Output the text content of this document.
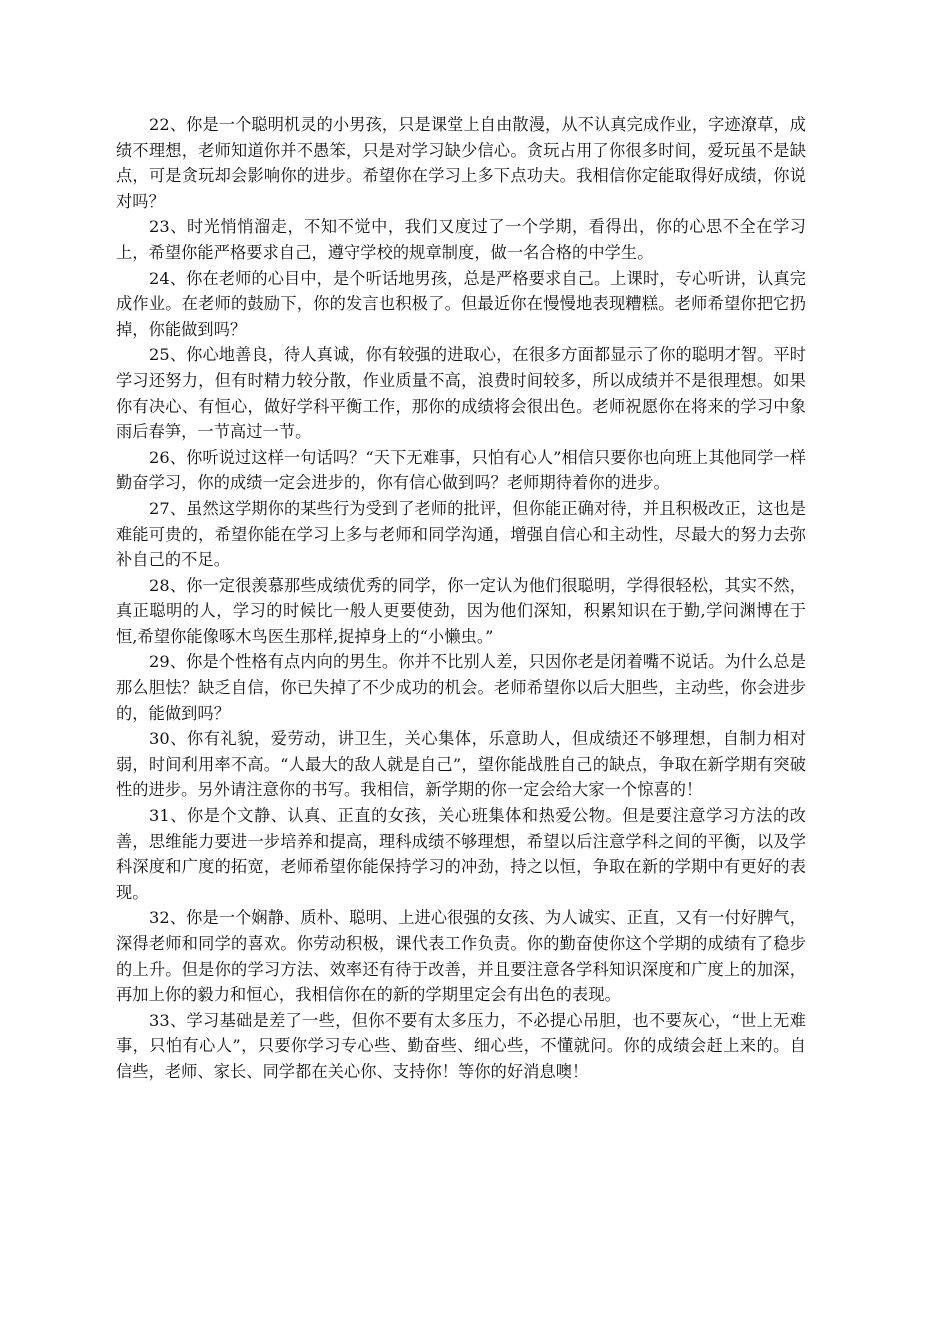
22、你是一个聪明机灵的小男孩，只是课堂上自由散漫，从不认真完成作业，字迹潦草，成绩不理想，老师知道你并不愚笨，只是对学习缺少信心。贪玩占用了你很多时间，爱玩虽不是缺点，可是贪玩却会影响你的进步。希望你在学习上多下点功夫。我相信你定能取得好成绩，你说对吗？

23、时光悄悄溜走，不知不觉中，我们又度过了一个学期，看得出，你的心思不全在学习上，希望你能严格要求自己，遵守学校的规章制度，做一名合格的中学生。

24、你在老师的心目中，是个听话地男孩，总是严格要求自己。上课时，专心听讲，认真完成作业。在老师的鼓励下，你的发言也积极了。但最近你在慢慢地表现糟糕。老师希望你把它扔掉，你能做到吗？

25、你心地善良，待人真诚，你有较强的进取心，在很多方面都显示了你的聪明才智。平时学习还努力，但有时精力较分散，作业质量不高，浪费时间较多，所以成绩并不是很理想。如果你有决心、有恒心，做好学科平衡工作，那你的成绩将会很出色。老师祝愿你在将来的学习中象雨后春笋，一节高过一节。

26、你听说过这样一句话吗？“天下无难事，只怕有心人”相信只要你也向班上其他同学一样勤奋学习，你的成绩一定会进步的，你有信心做到吗？老师期待着你的进步。

27、虽然这学期你的某些行为受到了老师的批评，但你能正确对待，并且积极改正，这也是难能可贵的，希望你能在学习上多与老师和同学沟通，增强自信心和主动性，尽最大的努力去弥补自己的不足。

28、你一定很羡慕那些成绩优秀的同学，你一定认为他们很聪明，学得很轻松，其实不然，真正聪明的人，学习的时候比一般人更要使劲，因为他们深知，积累知识在于勤,学问渊博在于恒,希望你能像啄木鸟医生那样,捉掉身上的“小懒虫。”

29、你是个性格有点内向的男生。你并不比别人差，只因你老是闭着嘴不说话。为什么总是那么胆怯？缺乏自信，你已失掉了不少成功的机会。老师希望你以后大胆些，主动些，你会进步的，能做到吗？

30、你有礼貌，爱劳动，讲卫生，关心集体，乐意助人，但成绩还不够理想，自制力相对弱，时间利用率不高。“人最大的敌人就是自己”，望你能战胜自己的缺点，争取在新学期有突破性的进步。另外请注意你的书写。我相信，新学期的你一定会给大家一个惊喜的！

31、你是个文静、认真、正直的女孩，关心班集体和热爱公物。但是要注意学习方法的改善，思维能力要进一步培养和提高，理科成绩不够理想，希望以后注意学科之间的平衡，以及学科深度和广度的拓宽，老师希望你能保持学习的冲劲，持之以恒，争取在新的学期中有更好的表现。

32、你是一个娴静、质朴、聪明、上进心很强的女孩、为人诚实、正直，又有一付好脾气，深得老师和同学的喜欢。你劳动积极，课代表工作负责。你的勤奋使你这个学期的成绩有了稳步的上升。但是你的学习方法、效率还有待于改善，并且要注意各学科知识深度和广度上的加深，再加上你的毅力和恒心，我相信你在的新的学期里定会有出色的表现。

33、学习基础是差了一些，但你不要有太多压力，不必提心吊胆，也不要灰心，“世上无难事，只怕有心人”，只要你学习专心些、勤奋些、细心些，不懂就问。你的成绩会赶上来的。自信些，老师、家长、同学都在关心你、支持你！等你的好消息噢！
